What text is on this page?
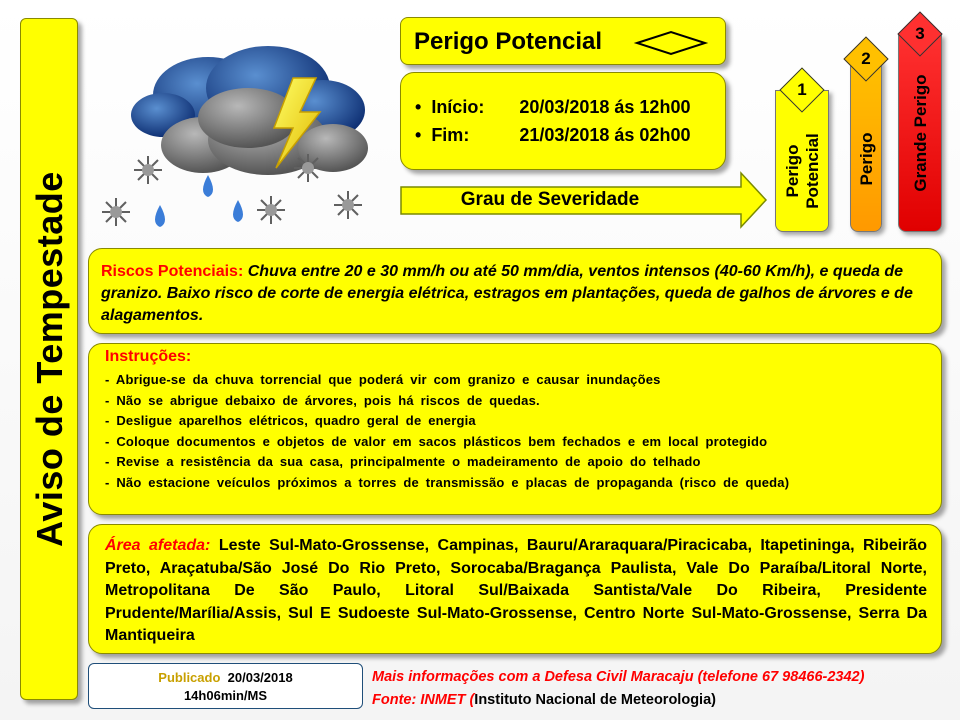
Aviso de Tempestade
Perigo Potencial
•  Início: 20/03/2018 ás 12h00
•  Fim:	21/03/2018 ás 02h00
Grau de Severidade
Perigo Potencial
1
Perigo
2
Grande Perigo
3
Riscos Potenciais: Chuva entre 20 e 30 mm/h ou até 50 mm/dia, ventos intensos (40-60 Km/h), e queda de granizo. Baixo risco de corte de energia elétrica, estragos em plantações, queda de galhos de árvores e de alagamentos.
Instruções:
- Abrigue-se da chuva torrencial que poderá vir com granizo e causar inundações
- Não se abrigue debaixo de árvores, pois há riscos de quedas.
- Desligue aparelhos elétricos, quadro geral de energia
- Coloque documentos e objetos de valor em sacos plásticos bem fechados e em local protegido
- Revise a resistência da sua casa, principalmente o madeiramento de apoio do telhado
- Não estacione veículos próximos a torres de transmissão e placas de propaganda (risco de queda)
Área afetada: Leste Sul-Mato-Grossense, Campinas, Bauru/Araraquara/Piracicaba, Itapetininga, Ribeirão Preto, Araçatuba/São José Do Rio Preto, Sorocaba/Bragança Paulista, Vale Do Paraíba/Litoral Norte, Metropolitana De São Paulo, Litoral Sul/Baixada Santista/Vale Do Ribeira, Presidente Prudente/Marília/Assis, Sul E Sudoeste Sul-Mato-Grossense, Centro Norte Sul-Mato-Grossense, Serra Da Mantiqueira
Publicado 20/03/2018
14h06min/MS
Mais informações com a Defesa Civil Maracaju (telefone 67 98466-2342)
Fonte: INMET (Instituto Nacional de Meteorologia)
